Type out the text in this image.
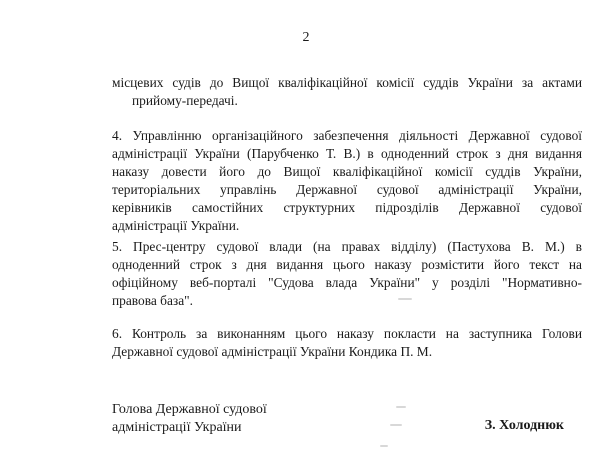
2

місцевих судів до Вищої кваліфікаційної комісії суддів України за актами
прийому-передачі.

4. Управлінню організаційного забезпечення діяльності Державної судової
адміністрації України (Парубченко Т. В.) в одноденний строк з дня видання
наказу довести його до Вищої кваліфікаційної комісії суддів України,
територіальних управлінь Державної судової адміністрації України,
керівників самостійних структурних підрозділів Державної судової
адміністрації України.

5. Прес-центру судової влади (на правах відділу) (Пастухова В. М.) в
одноденний строк з дня видання цього наказу розмістити його текст на
офіційному веб-порталі "Судова влада України" у розділі "Нормативно-
правова база".

6. Контроль за виконанням цього наказу покласти на заступника Голови
Державної судової адміністрації України Кондика П. М.

Голова Державної судової
адміністрації України	З. Холоднюк
